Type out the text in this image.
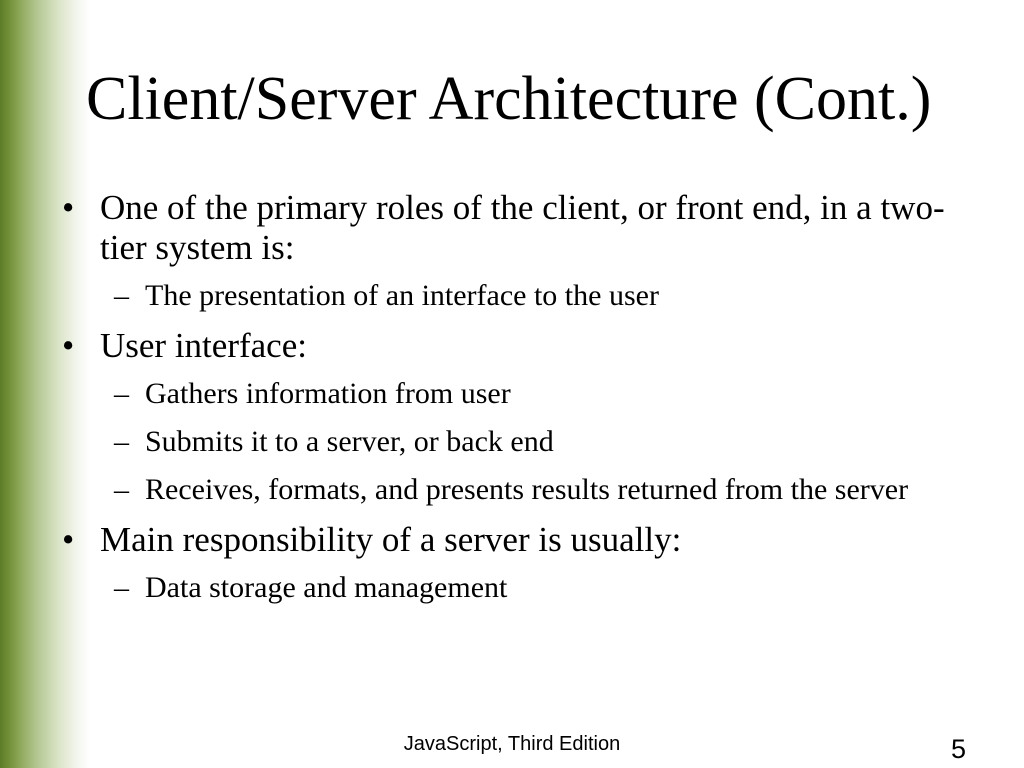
Client/Server Architecture (Cont.)
• One of the primary roles of the client, or front end, in a two-tier system is:
– The presentation of an interface to the user
• User interface:
– Gathers information from user
– Submits it to a server, or back end
– Receives, formats, and presents results returned from the server
• Main responsibility of a server is usually:
– Data storage and management
JavaScript, Third Edition	5
